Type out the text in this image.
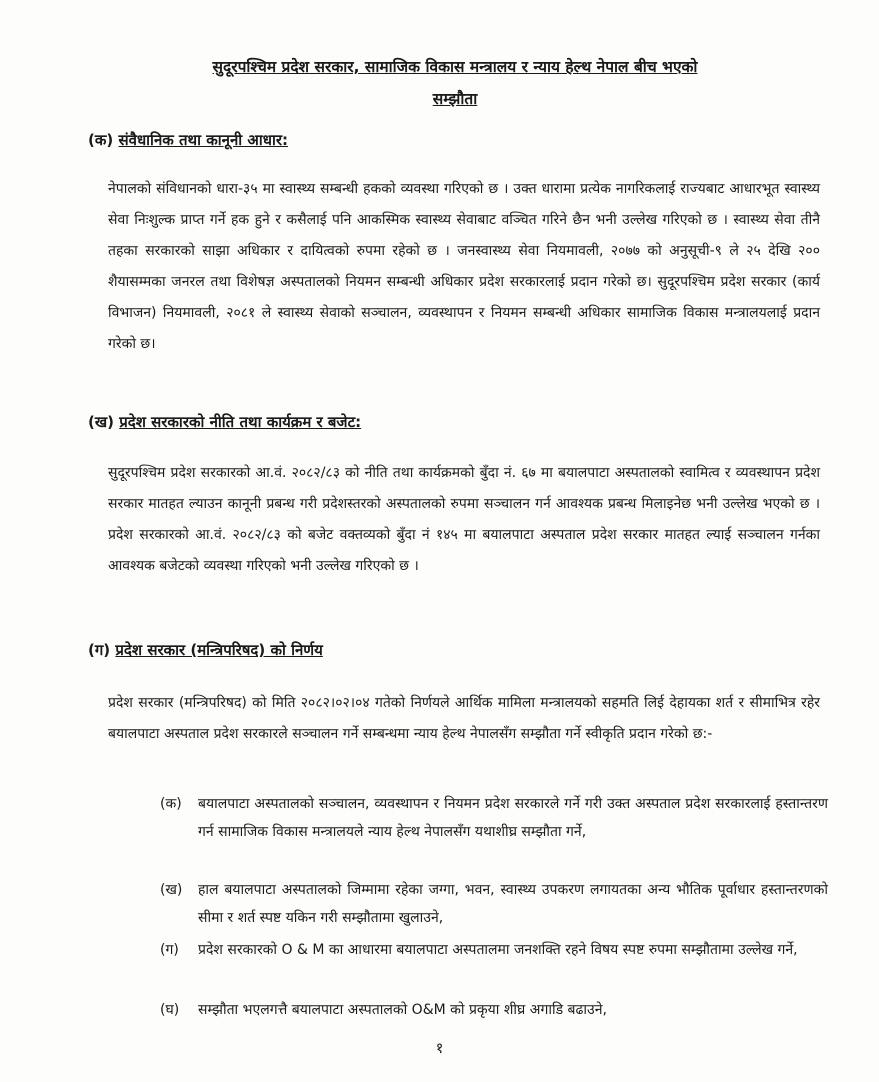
सुदूरपश्चिम प्रदेश सरकार, सामाजिक विकास मन्त्रालय र न्याय हेल्थ नेपाल बीच भएको
सम्झौता
(क) संवैधानिक तथा कानूनी आधार:
नेपालको संविधानको धारा-३५ मा स्वास्थ्य सम्बन्धी हकको व्यवस्था गरिएको छ । उक्त धारामा प्रत्येक नागरिकलाई राज्यबाट आधारभूत स्वास्थ्य सेवा निःशुल्क प्राप्त गर्ने हक हुने र कसैलाई पनि आकस्मिक स्वास्थ्य सेवाबाट वञ्चित गरिने छैन भनी उल्लेख गरिएको छ । स्वास्थ्य सेवा तीनै तहका सरकारको साझा अधिकार र दायित्वको रुपमा रहेको छ । जनस्वास्थ्य सेवा नियमावली, २०७७ को अनुसूची-९ ले २५ देखि २०० शैयासम्मका जनरल तथा विशेषज्ञ अस्पतालको नियमन सम्बन्धी अधिकार प्रदेश सरकारलाई प्रदान गरेको छ। सुदूरपश्चिम प्रदेश सरकार (कार्य विभाजन) नियमावली, २०८१ ले स्वास्थ्य सेवाको सञ्चालन, व्यवस्थापन र नियमन सम्बन्धी अधिकार सामाजिक विकास मन्त्रालयलाई प्रदान गरेको छ।
(ख) प्रदेश सरकारको नीति तथा कार्यक्रम र बजेट:
सुदूरपश्चिम प्रदेश सरकारको आ.वं. २०८२/८३ को नीति तथा कार्यक्रमको बुँदा नं. ६७ मा बयालपाटा अस्पतालको स्वामित्व र व्यवस्थापन प्रदेश सरकार मातहत ल्याउन कानूनी प्रबन्ध गरी प्रदेशस्तरको अस्पतालको रुपमा सञ्चालन गर्न आवश्यक प्रबन्ध मिलाइनेछ भनी उल्लेख भएको छ । प्रदेश सरकारको आ.वं. २०८२/८३ को बजेट वक्तव्यको बुँदा नं १४५ मा बयालपाटा अस्पताल प्रदेश सरकार मातहत ल्याई सञ्चालन गर्नका आवश्यक बजेटको व्यवस्था गरिएको भनी उल्लेख गरिएको छ ।
(ग) प्रदेश सरकार (मन्त्रिपरिषद) को निर्णय
प्रदेश सरकार (मन्त्रिपरिषद) को मिति २०८२।०२।०४ गतेको निर्णयले आर्थिक मामिला मन्त्रालयको सहमति लिई देहायका शर्त र सीमाभित्र रहेर बयालपाटा अस्पताल प्रदेश सरकारले सञ्चालन गर्ने सम्बन्धमा न्याय हेल्थ नेपालसँग सम्झौता गर्ने स्वीकृति प्रदान गरेको छ:-
(क) बयालपाटा अस्पतालको सञ्चालन, व्यवस्थापन र नियमन प्रदेश सरकारले गर्ने गरी उक्त अस्पताल प्रदेश सरकारलाई हस्तान्तरण गर्न सामाजिक विकास मन्त्रालयले न्याय हेल्थ नेपालसँग यथाशीघ्र सम्झौता गर्ने,
(ख) हाल बयालपाटा अस्पतालको जिम्मामा रहेका जग्गा, भवन, स्वास्थ्य उपकरण लगायतका अन्य भौतिक पूर्वाधार हस्तान्तरणको सीमा र शर्त स्पष्ट यकिन गरी सम्झौतामा खुलाउने,
(ग) प्रदेश सरकारको O & M का आधारमा बयालपाटा अस्पतालमा जनशक्ति रहने विषय स्पष्ट रुपमा सम्झौतामा उल्लेख गर्ने,
(घ) सम्झौता भएलगत्तै बयालपाटा अस्पतालको O&M को प्रकृया शीघ्र अगाडि बढाउने,
१
